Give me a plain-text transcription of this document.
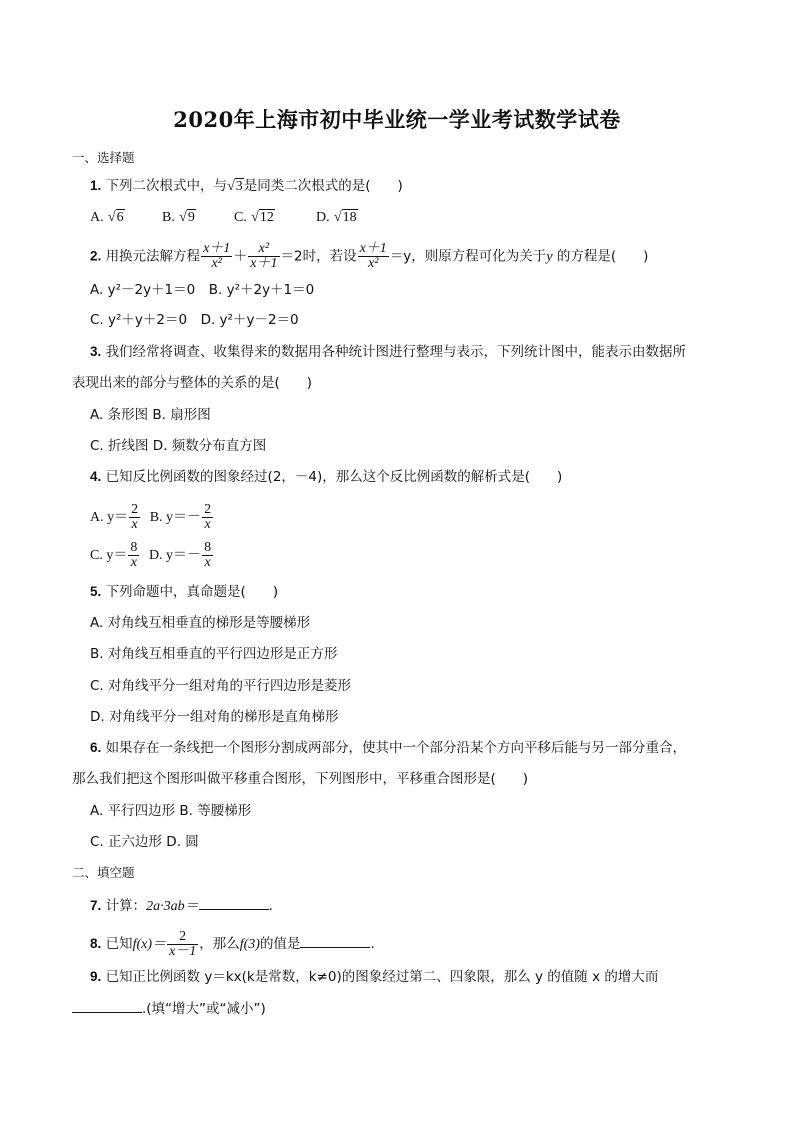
2020年上海市初中毕业统一学业考试数学试卷
一、选择题
1. 下列二次根式中，与√3是同类二次根式的是(　　)
A. √6	B. √9	C. √12	D. √18
2. 用换元法解方程 $\frac{x+1}{\text{x²}} + \frac{\text{x²}}{x+1} =2$时，若设 $\frac{x+1}{\text{x²}} =y$，则原方程可化为关于y 的方程是(　　)
A. y²－2y＋1＝0　B. y²＋2y＋1＝0
C. y²＋y＋2＝0　D. y²＋y－2＝0
3. 我们经常将调查、收集得来的数据用各种统计图进行整理与表示，下列统计图中，能表示由数据所
表现出来的部分与整体的关系的是(　　)
A. 条形图 B. 扇形图
C. 折线图 D. 频数分布直方图
4. 已知反比例函数的图象经过(2，－4)，那么这个反比例函数的解析式是(　　)
A. $y= \frac{2}{x} B$. $y=- \frac{2}{x}$
C. $y= \frac{8}{x} D$. $y=- \frac{8}{x}$
5. 下列命题中，真命题是(　　)
A. 对角线互相垂直的梯形是等腰梯形
B. 对角线互相垂直的平行四边形是正方形
C. 对角线平分一组对角的平行四边形是菱形
D. 对角线平分一组对角的梯形是直角梯形
6. 如果存在一条线把一个图形分割成两部分，使其中一个部分沿某个方向平移后能与另一部分重合，
那么我们把这个图形叫做平移重合图形，下列图形中，平移重合图形是(　　)
A. 平行四边形 B. 等腰梯形
C. 正六边形 D. 圆
二、填空题
7. 计算：2a·3ab＝	.
8. 已知$f(x)= \frac{2}{x-1}$ ，那么f(3)的值是	.
9. 已知正比例函数 y＝kx(k是常数，k≠0)的图象经过第二、四象限，那么 y 的值随 x 的增大而
.(填“增大”或“减小”)
